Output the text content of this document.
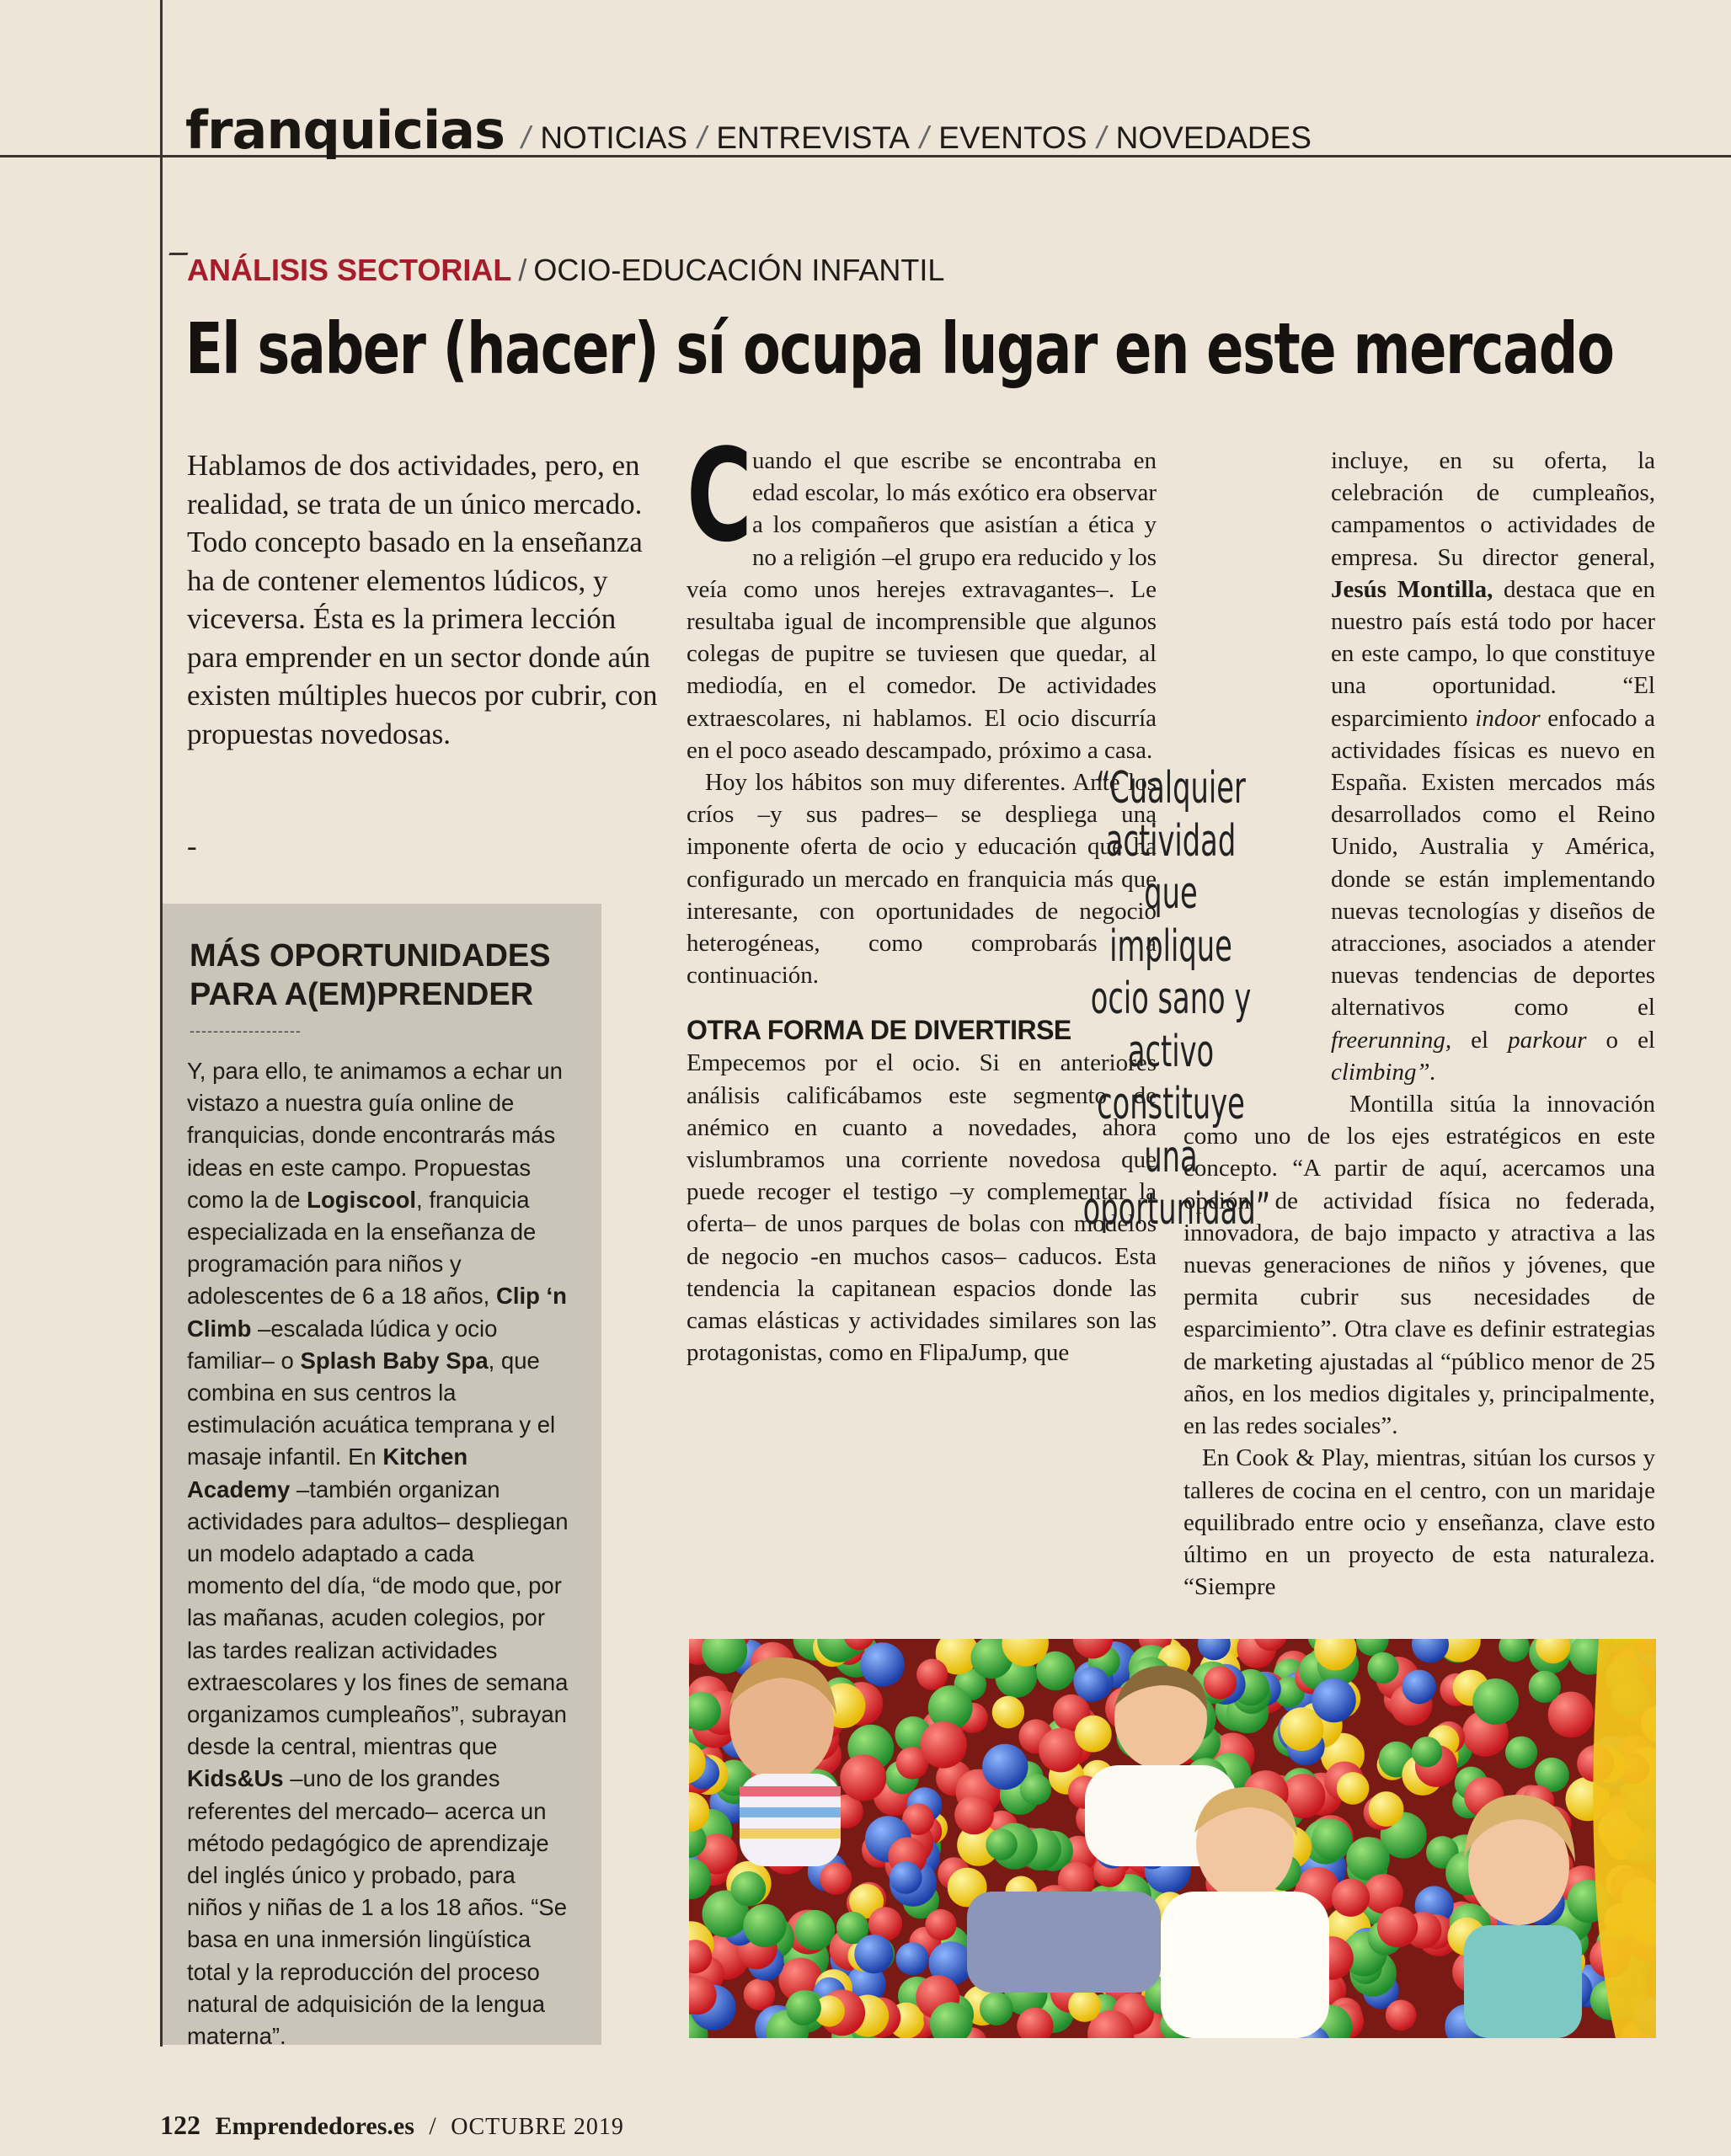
franquicias / NOTICIAS / ENTREVISTA / EVENTOS / NOVEDADES
ANÁLISIS SECTORIAL / OCIO-EDUCACIÓN INFANTIL
El saber (hacer) sí ocupa lugar en este mercado
Hablamos de dos actividades, pero, en realidad, se trata de un único mercado. Todo concepto basado en la enseñanza ha de contener elementos lúdicos, y viceversa. Ésta es la primera lección para emprender en un sector donde aún existen múltiples huecos por cubrir, con propuestas novedosas.
-
MÁS OPORTUNIDADES PARA A(EM)PRENDER
-------------------
Y, para ello, te animamos a echar un vistazo a nuestra guía online de franquicias, donde encontrarás más ideas en este campo. Propuestas como la de Logiscool, franquicia especializada en la enseñanza de programación para niños y adolescentes de 6 a 18 años, Clip ‘n Climb –escalada lúdica y ocio familiar– o Splash Baby Spa, que combina en sus centros la estimulación acuática temprana y el masaje infantil. En Kitchen Academy –también organizan actividades para adultos– despliegan un modelo adaptado a cada momento del día, “de modo que, por las mañanas, acuden colegios, por las tardes realizan actividades extraescolares y los fines de semana organizamos cumpleaños”, subrayan desde la central, mientras que Kids&Us –uno de los grandes referentes del mercado– acerca un método pedagógico de aprendizaje del inglés único y probado, para niños y niñas de 1 a los 18 años. “Se basa en una inmersión lingüística total y la reproducción del proceso natural de adquisición de la lengua materna”.
C uando el que escribe se encontraba en edad escolar, lo más exótico era observar a los compañeros que asistían a ética y no a religión –el grupo era reducido y los veía como unos herejes extravagantes–. Le resultaba igual de incomprensible que algunos colegas de pupitre se tuviesen que quedar, al mediodía, en el comedor. De actividades extraescolares, ni hablamos. El ocio discurría en el poco aseado descampado, próximo a casa.

Hoy los hábitos son muy diferentes. Ante los críos –y sus padres– se despliega una imponente oferta de ocio y educación que ha configurado un mercado en franquicia más que interesante, con oportunidades de negocio heterogéneas, como comprobarás a continuación.

OTRA FORMA DE DIVERTIRSE

Empecemos por el ocio. Si en anteriores análisis calificábamos este segmento de anémico en cuanto a novedades, ahora vislumbramos una corriente novedosa que puede recoger el testigo –y complementar la oferta– de unos parques de bolas con modelos de negocio -en muchos casos– caducos. Esta tendencia la capitanean espacios donde las camas elásticas y actividades similares son las protagonistas, como en FlipaJump, que

incluye, en su oferta, la celebración de cumpleaños, campamentos o actividades de empresa. Su director general, Jesús Montilla, destaca que en nuestro país está todo por hacer en este campo, lo que constituye una oportunidad. “El esparcimiento indoor enfocado a actividades físicas es nuevo en España. Existen mercados más desarrollados como el Reino Unido, Australia y América, donde se están implementando nuevas tecnologías y diseños de atracciones, asociados a atender nuevas tendencias de deportes alternativos como el freerunning, el parkour o el climbing”.

Montilla sitúa la innovación como uno de los ejes estratégicos en este concepto. “A partir de aquí, acercamos una opción de actividad física no federada, innovadora, de bajo impacto y atractiva a las nuevas generaciones de niños y jóvenes, que permita cubrir sus necesidades de esparcimiento”. Otra clave es definir estrategias de marketing ajustadas al “público menor de 25 años, en los medios digitales y, principalmente, en las redes sociales”.

En Cook & Play, mientras, sitúan los cursos y talleres de cocina en el centro, con un maridaje equilibrado entre ocio y enseñanza, clave esto último en un proyecto de esta naturaleza. “Siempre

“Cualquier actividad que implique ocio sano y activo constituye una oportunidad”
122 Emprendedores.es / OCTUBRE 2019
